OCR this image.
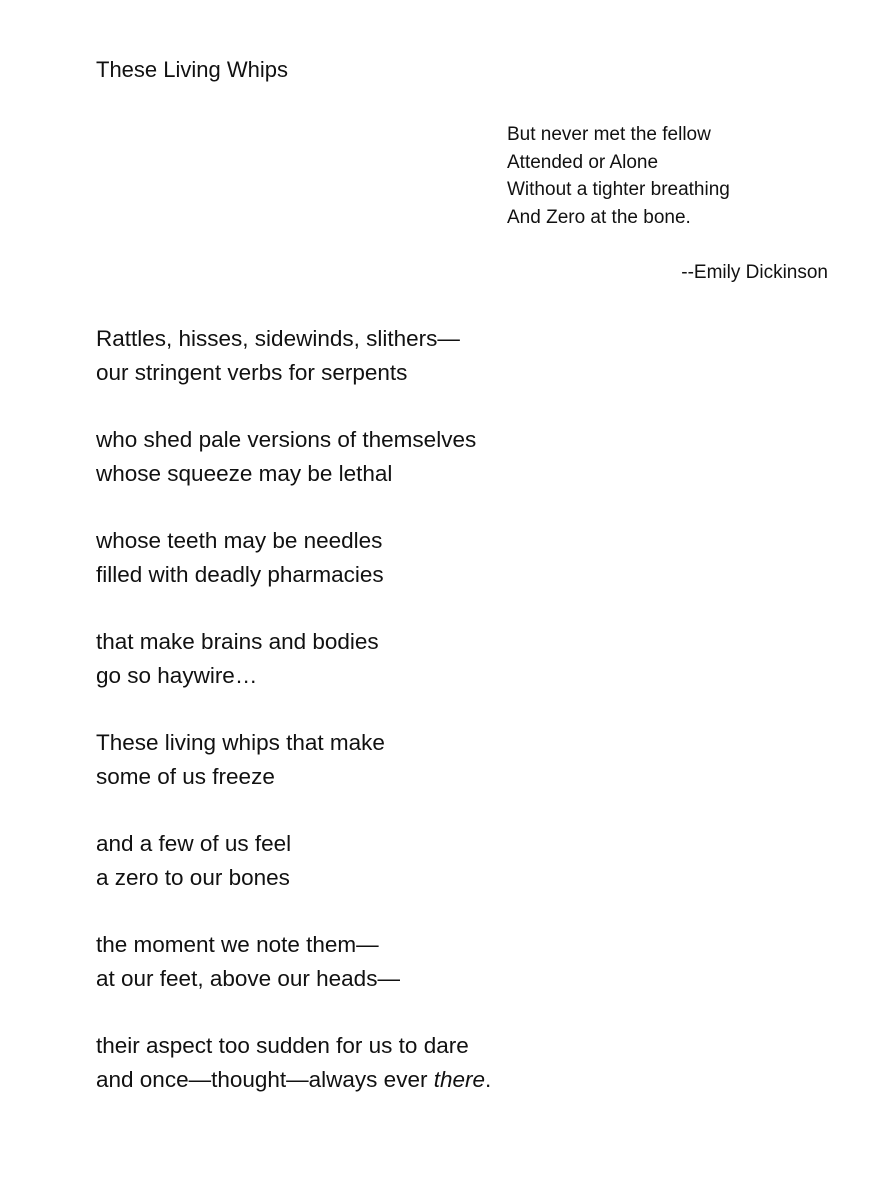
These Living Whips
But never met the fellow
Attended or Alone
Without a tighter breathing
And Zero at the bone.
--Emily Dickinson
Rattles, hisses, sidewinds, slithers—
our stringent verbs for serpents
who shed pale versions of themselves
whose squeeze may be lethal
whose teeth may be needles
filled with deadly pharmacies
that make brains and bodies
go so haywire…
These living whips that make
some of us freeze
and a few of us feel
a zero to our bones
the moment we note them—
at our feet, above our heads—
their aspect too sudden for us to dare
and once—thought—always ever there.
